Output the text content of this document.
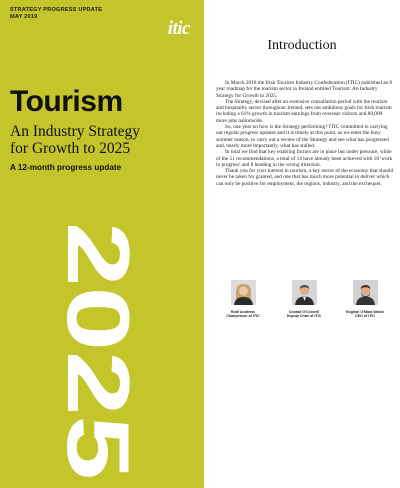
STRATEGY PROGRESS UPDATE
MAY 2019
itic
Tourism
An Industry Strategy
for Growth to 2025
A 12-month progress update
2025
Introduction

In March 2018 the Irish Tourism Industry Confederation (ITIC) published an 8 year roadmap for the tourism sector in Ireland entitled Tourism: An Industry Strategy for Growth to 2025.

The Strategy, devised after an extensive consultation period with the tourism and hospitality sector throughout Ireland, sets out ambitious goals for Irish tourism including a 61% growth in tourism earnings from overseas visitors and 80,000 more jobs nationwide.

So, one year on how is the Strategy performing? ITIC committed to carrying out regular progress updates and it is timely at this point, as we enter the busy summer season, to carry out a review of the Strategy and see what has progressed and, nearly more importantly, what has stalled.

In total we find that key enabling factors are in place but under pressure, while of the 51 recommendations, a total of 14 have already been achieved with 18 'work in progress' and 8 heading in the wrong direction.

Thank you for your interest in tourism, a key sector of the economy that should never be taken for granted, and one that has much more potential to deliver which can only be positive for employment, the regions, industry, and the exchequer.

Ruth Andrews
Chairperson of ITIC
Conrad O'Connell
Deputy Chair of ITIC
Eoghan O'Mara Walsh
CEO of ITIC
